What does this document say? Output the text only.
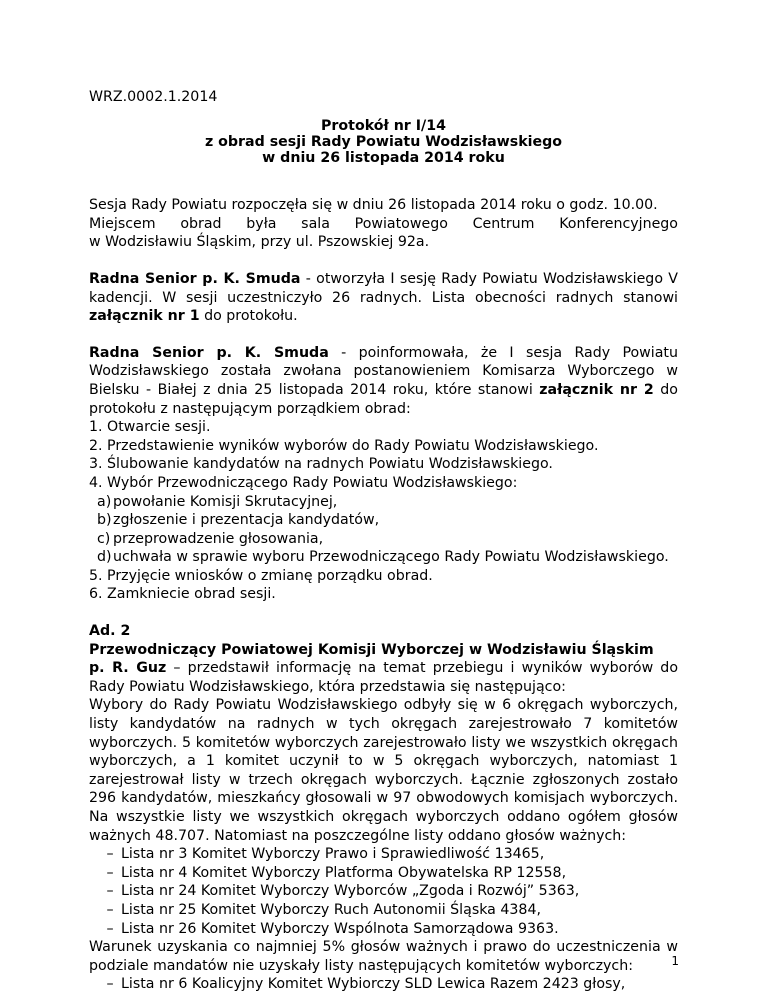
WRZ.0002.1.2014

Protokół nr I/14
z obrad sesji Rady Powiatu Wodzisławskiego
w dniu 26 listopada 2014 roku
Sesja Rady Powiatu rozpoczęła się w dniu 26 listopada 2014 roku o godz. 10.00.
Miejscem obrad była sala Powiatowego Centrum Konferencyjnego
w Wodzisławiu Śląskim, przy ul. Pszowskiej 92a.

Radna Senior p. K. Smuda - otworzyła I sesję Rady Powiatu Wodzisławskiego V kadencji. W sesji uczestniczyło 26 radnych. Lista obecności radnych stanowi załącznik nr 1 do protokołu.

Radna Senior p. K. Smuda - poinformowała, że I sesja Rady Powiatu Wodzisławskiego została zwołana postanowieniem Komisarza Wyborczego w Bielsku - Białej z dnia 25 listopada 2014 roku, które stanowi załącznik nr 2 do protokołu z następującym porządkiem obrad:

1. Otwarcie sesji.
2. Przedstawienie wyników wyborów do Rady Powiatu Wodzisławskiego.
3. Ślubowanie kandydatów na radnych Powiatu Wodzisławskiego.
4. Wybór Przewodniczącego Rady Powiatu Wodzisławskiego:
a) powołanie Komisji Skrutacyjnej,
b) zgłoszenie i prezentacja kandydatów,
c) przeprowadzenie głosowania,
d) uchwała w sprawie wyboru Przewodniczącego Rady Powiatu Wodzisławskiego.
5. Przyjęcie wniosków o zmianę porządku obrad.
6. Zamkniecie obrad sesji.
Ad. 2
Przewodniczący Powiatowej Komisji Wyborczej w Wodzisławiu Śląskim

p. R. Guz – przedstawił informację na temat przebiegu i wyników wyborów do Rady Powiatu Wodzisławskiego, która przedstawia się następująco:

Wybory do Rady Powiatu Wodzisławskiego odbyły się w 6 okręgach wyborczych, listy kandydatów na radnych w tych okręgach zarejestrowało 7 komitetów wyborczych. 5 komitetów wyborczych zarejestrowało listy we wszystkich okręgach wyborczych, a 1 komitet uczynił to w 5 okręgach wyborczych, natomiast 1 zarejestrował listy w trzech okręgach wyborczych. Łącznie zgłoszonych zostało 296 kandydatów, mieszkańcy głosowali w 97 obwodowych komisjach wyborczych. Na wszystkie listy we wszystkich okręgach wyborczych oddano ogółem głosów ważnych 48.707. Natomiast na poszczególne listy oddano głosów ważnych:

– Lista nr 3 Komitet Wyborczy Prawo i Sprawiedliwość 13465,
– Lista nr 4 Komitet Wyborczy Platforma Obywatelska RP 12558,
– Lista nr 24 Komitet Wyborczy Wyborców „Zgoda i Rozwój” 5363,
– Lista nr 25 Komitet Wyborczy Ruch Autonomii Śląska 4384,
– Lista nr 26 Komitet Wyborczy Wspólnota Samorządowa 9363.

Warunek uzyskania co najmniej 5% głosów ważnych i prawo do uczestniczenia w podziale mandatów nie uzyskały listy następujących komitetów wyborczych:

– Lista nr 6 Koalicyjny Komitet Wybiorczy SLD Lewica Razem 2423 głosy,
1
